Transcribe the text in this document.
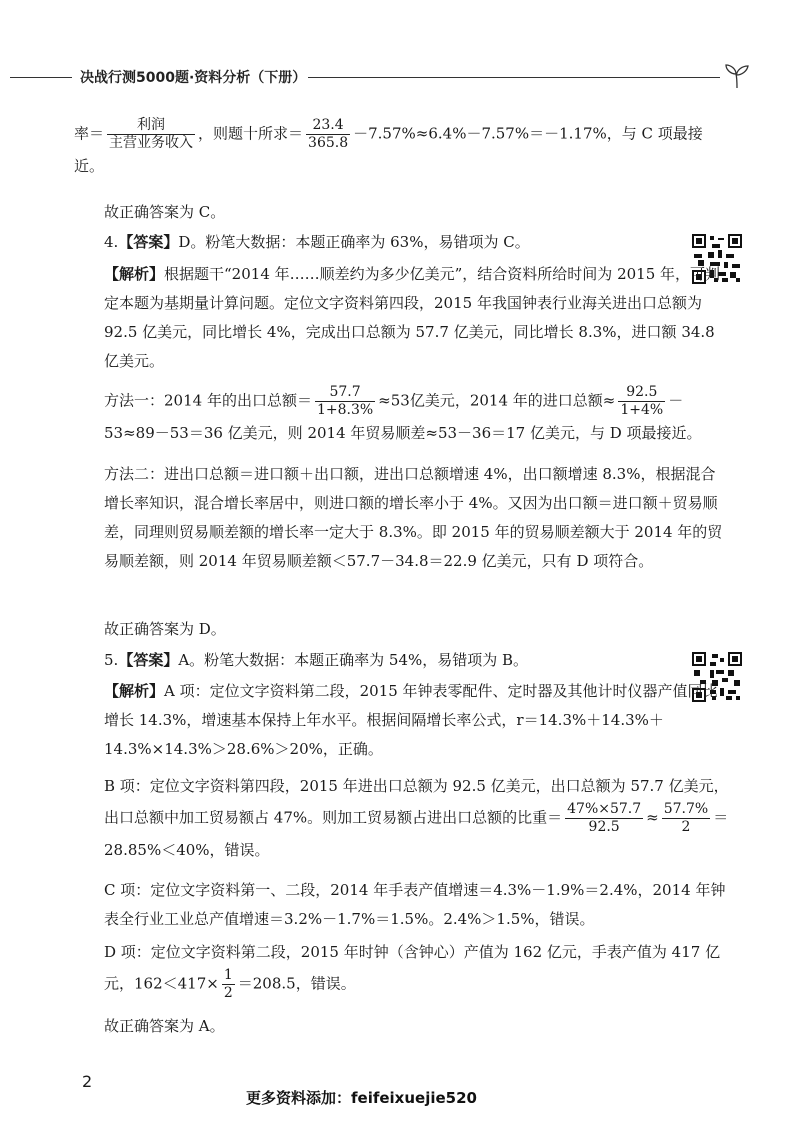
决战行测5000题·资料分析（下册）

率＝ $\frac{\text{利润}}{\text{主营业务收入}}$ ，则题十所求＝ $\frac{23.4}{365.8} -7.57\%\approx 6.4\%-7.57\%=-1.17\%$，与 C 项最接近。

故正确答案为 C。

4.【答案】D。粉笔大数据：本题正确率为 63%，易错项为 C。

【解析】根据题干“2014 年……顺差约为多少亿美元”，结合资料所给时间为 2015 年，可判定本题为基期量计算问题。定位文字资料第四段，2015 年我国钟表行业海关进出口总额为 92.5 亿美元，同比增长 4%，完成出口总额为 57.7 亿美元，同比增长 8.3%，进口额 34.8 亿美元。

方法一：2014 年的出口总额＝ $\frac{57.7}{1+8.3\%} \approx 53$亿美元，2014 年的进口总额≈ $\frac{92.5}{1+4\%} -53\approx 89-53=36$ 亿美元，则 2014 年贸易顺差≈53－36＝17 亿美元，与 D 项最接近。

方法二：进出口总额＝进口额＋出口额，进出口总额增速 4%，出口额增速 8.3%，根据混合增长率知识，混合增长率居中，则进口额的增长率小于 4%。又因为出口额＝进口额＋贸易顺差，同理则贸易顺差额的增长率一定大于 8.3%。即 2015 年的贸易顺差额大于 2014 年的贸易顺差额，则 2014 年贸易顺差额＜57.7－34.8＝22.9 亿美元，只有 D 项符合。

故正确答案为 D。

5.【答案】A。粉笔大数据：本题正确率为 54%，易错项为 B。

【解析】A 项：定位文字资料第二段，2015 年钟表零配件、定时器及其他计时仪器产值同比增长 14.3%，增速基本保持上年水平。根据间隔增长率公式，r＝14.3%＋14.3%＋14.3%×14.3%＞28.6%＞20%，正确。

B 项：定位文字资料第四段，2015 年进出口总额为 92.5 亿美元，出口总额为 57.7 亿美元，出口总额中加工贸易额占 47%。则加工贸易额占进出口总额的比重＝ $\frac{47\%\times 57.7}{92.5} \approx \frac{57.7\%}{2} =28.85\%<40\%$，错误。

C 项：定位文字资料第一、二段，2014 年手表产值增速＝4.3%－1.9%＝2.4%，2014 年钟表全行业工业总产值增速＝3.2%－1.7%＝1.5%。2.4%＞1.5%，错误。

D 项：定位文字资料第二段，2015 年时钟（含钟心）产值为 162 亿元，手表产值为 417 亿元，$162<417\times \frac{1}{2} =208.5$，错误。

故正确答案为 A。

2
更多资料添加：feifeixuejie520
